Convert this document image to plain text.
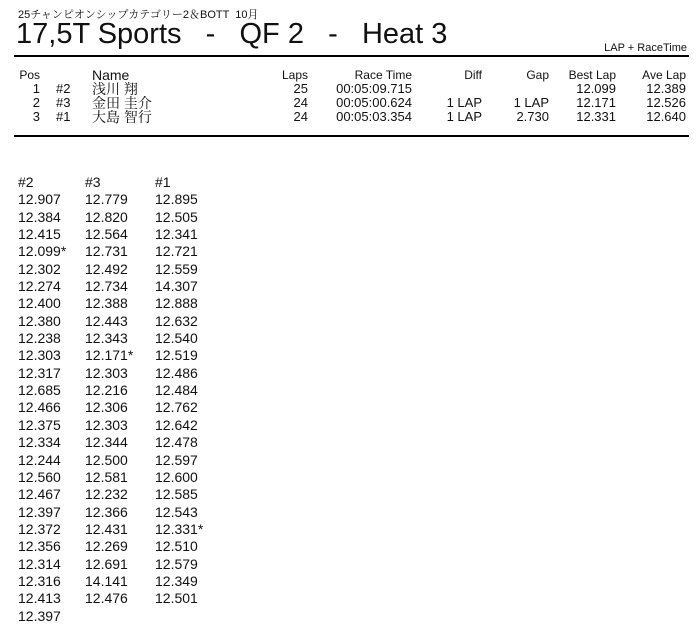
25チャンピオンシップカテゴリー2＆BOTT  10月
17,5T Sports   -   QF 2   -   Heat 3	LAP + RaceTime
Pos		Name	Laps	Race Time	Diff	Gap	Best Lap	Ave Lap
1	#2	浅川 翔	25	00:05:09.715			12.099	12.389
2	#3	金田 圭介	24	00:05:00.624	1 LAP	1 LAP	12.171	12.526
3	#1	大島 智行	24	00:05:03.354	1 LAP	2.730	12.331	12.640
#2	#3	#1
12.907	12.779	12.895
12.384	12.820	12.505
12.415	12.564	12.341
12.099*	12.731	12.721
12.302	12.492	12.559
12.274	12.734	14.307
12.400	12.388	12.888
12.380	12.443	12.632
12.238	12.343	12.540
12.303	12.171*	12.519
12.317	12.303	12.486
12.685	12.216	12.484
12.466	12.306	12.762
12.375	12.303	12.642
12.334	12.344	12.478
12.244	12.500	12.597
12.560	12.581	12.600
12.467	12.232	12.585
12.397	12.366	12.543
12.372	12.431	12.331*
12.356	12.269	12.510
12.314	12.691	12.579
12.316	14.141	12.349
12.413	12.476	12.501
12.397		
